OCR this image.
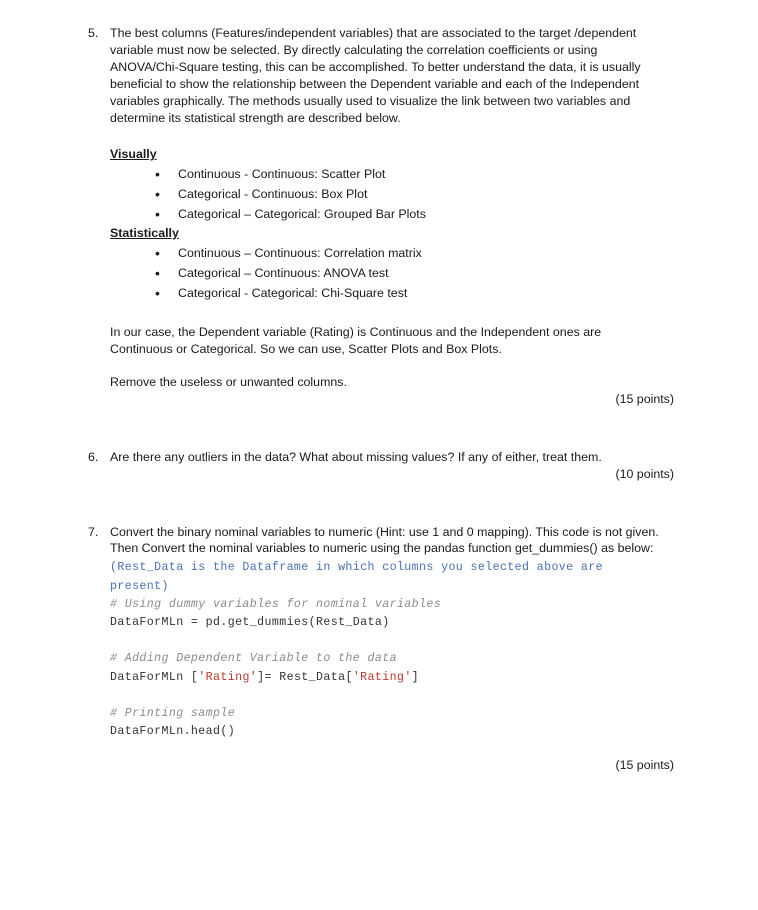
5. The best columns (Features/independent variables) that are associated to the target /dependent
variable must now be selected. By directly calculating the correlation coefficients or using
ANOVA/Chi-Square testing, this can be accomplished. To better understand the data, it is usually
beneficial to show the relationship between the Dependent variable and each of the Independent
variables graphically. The methods usually used to visualize the link between two variables and
determine its statistical strength are described below.
Visually
• Continuous - Continuous: Scatter Plot
• Categorical - Continuous: Box Plot
• Categorical – Categorical: Grouped Bar Plots
Statistically
• Continuous – Continuous: Correlation matrix
• Categorical – Continuous: ANOVA test
• Categorical - Categorical: Chi-Square test
In our case, the Dependent variable (Rating) is Continuous and the Independent ones are
Continuous or Categorical. So we can use, Scatter Plots and Box Plots.
Remove the useless or unwanted columns.
(15 points)
6. Are there any outliers in the data? What about missing values? If any of either, treat them.
(10 points)
7. Convert the binary nominal variables to numeric (Hint: use 1 and 0 mapping). This code is not given.
Then Convert the nominal variables to numeric using the pandas function get_dummies() as below:
(Rest_Data is the Dataframe in which columns you selected above are
present)
# Using dummy variables for nominal variables
DataForMLn = pd.get_dummies(Rest_Data)
# Adding Dependent Variable to the data
DataForMLn ['Rating']= Rest_Data['Rating']
# Printing sample
DataForMLn.head()
(15 points)
